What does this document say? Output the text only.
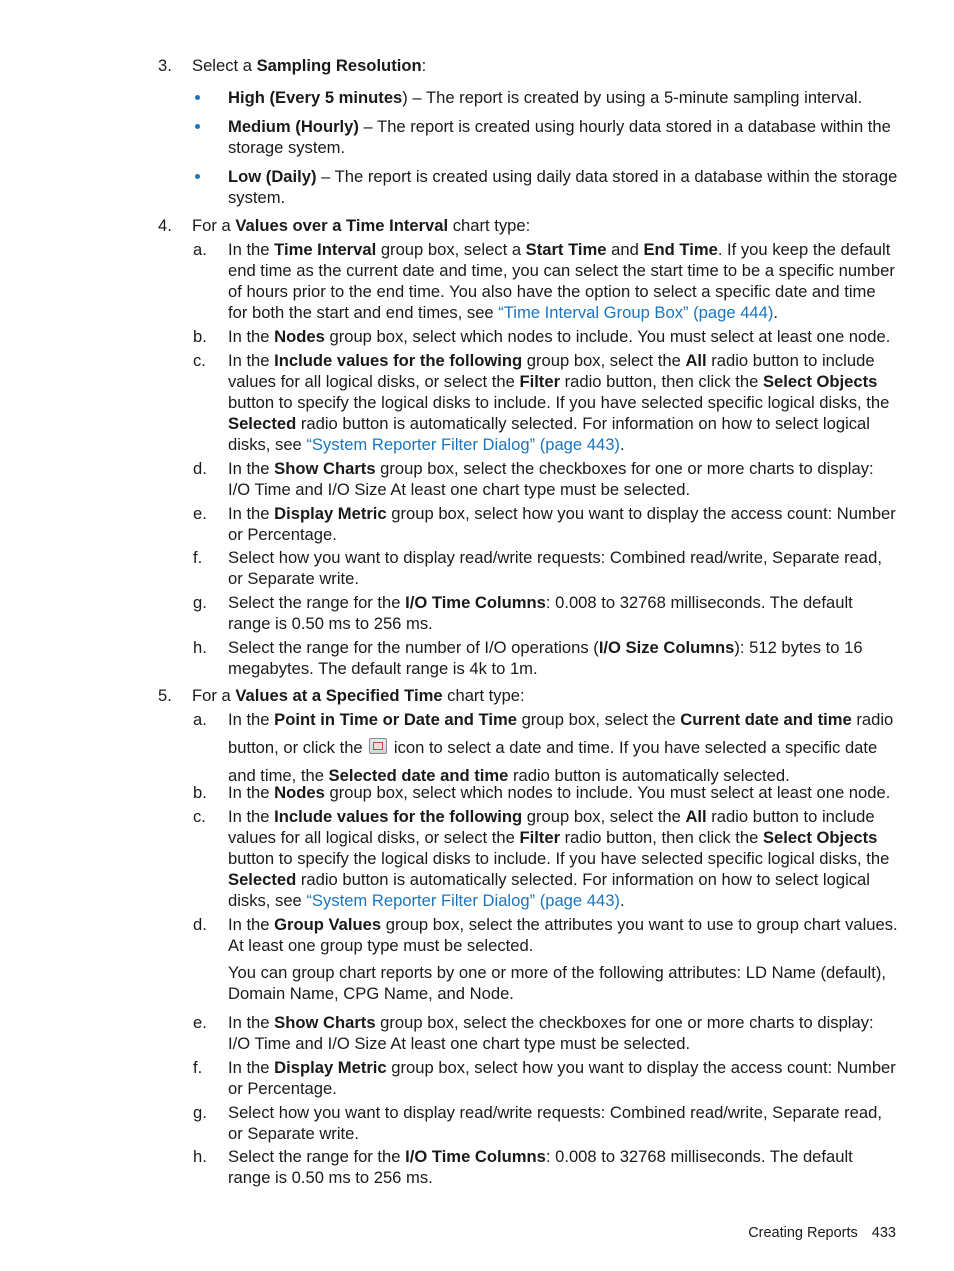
3. Select a Sampling Resolution:
High (Every 5 minutes) – The report is created by using a 5-minute sampling interval.
Medium (Hourly) – The report is created using hourly data stored in a database within the storage system.
Low (Daily) – The report is created using daily data stored in a database within the storage system.
4. For a Values over a Time Interval chart type:
a. In the Time Interval group box, select a Start Time and End Time. If you keep the default end time as the current date and time, you can select the start time to be a specific number of hours prior to the end time. You also have the option to select a specific date and time for both the start and end times, see “Time Interval Group Box” (page 444).
b. In the Nodes group box, select which nodes to include. You must select at least one node.
c. In the Include values for the following group box, select the All radio button to include values for all logical disks, or select the Filter radio button, then click the Select Objects button to specify the logical disks to include. If you have selected specific logical disks, the Selected radio button is automatically selected. For information on how to select logical disks, see “System Reporter Filter Dialog” (page 443).
d. In the Show Charts group box, select the checkboxes for one or more charts to display: I/O Time and I/O Size At least one chart type must be selected.
e. In the Display Metric group box, select how you want to display the access count: Number or Percentage.
f. Select how you want to display read/write requests: Combined read/write, Separate read, or Separate write.
g. Select the range for the I/O Time Columns: 0.008 to 32768 milliseconds. The default range is 0.50 ms to 256 ms.
h. Select the range for the number of I/O operations (I/O Size Columns): 512 bytes to 16 megabytes. The default range is 4k to 1m.
5. For a Values at a Specified Time chart type:
a. In the Point in Time or Date and Time group box, select the Current date and time radio button, or click the  icon to select a date and time. If you have selected a specific date and time, the Selected date and time radio button is automatically selected.
b. In the Nodes group box, select which nodes to include. You must select at least one node.
c. In the Include values for the following group box, select the All radio button to include values for all logical disks, or select the Filter radio button, then click the Select Objects button to specify the logical disks to include. If you have selected specific logical disks, the Selected radio button is automatically selected. For information on how to select logical disks, see “System Reporter Filter Dialog” (page 443).
d. In the Group Values group box, select the attributes you want to use to group chart values. At least one group type must be selected.
You can group chart reports by one or more of the following attributes: LD Name (default), Domain Name, CPG Name, and Node.
e. In the Show Charts group box, select the checkboxes for one or more charts to display: I/O Time and I/O Size At least one chart type must be selected.
f. In the Display Metric group box, select how you want to display the access count: Number or Percentage.
g. Select how you want to display read/write requests: Combined read/write, Separate read, or Separate write.
h. Select the range for the I/O Time Columns: 0.008 to 32768 milliseconds. The default range is 0.50 ms to 256 ms.
Creating Reports 433
